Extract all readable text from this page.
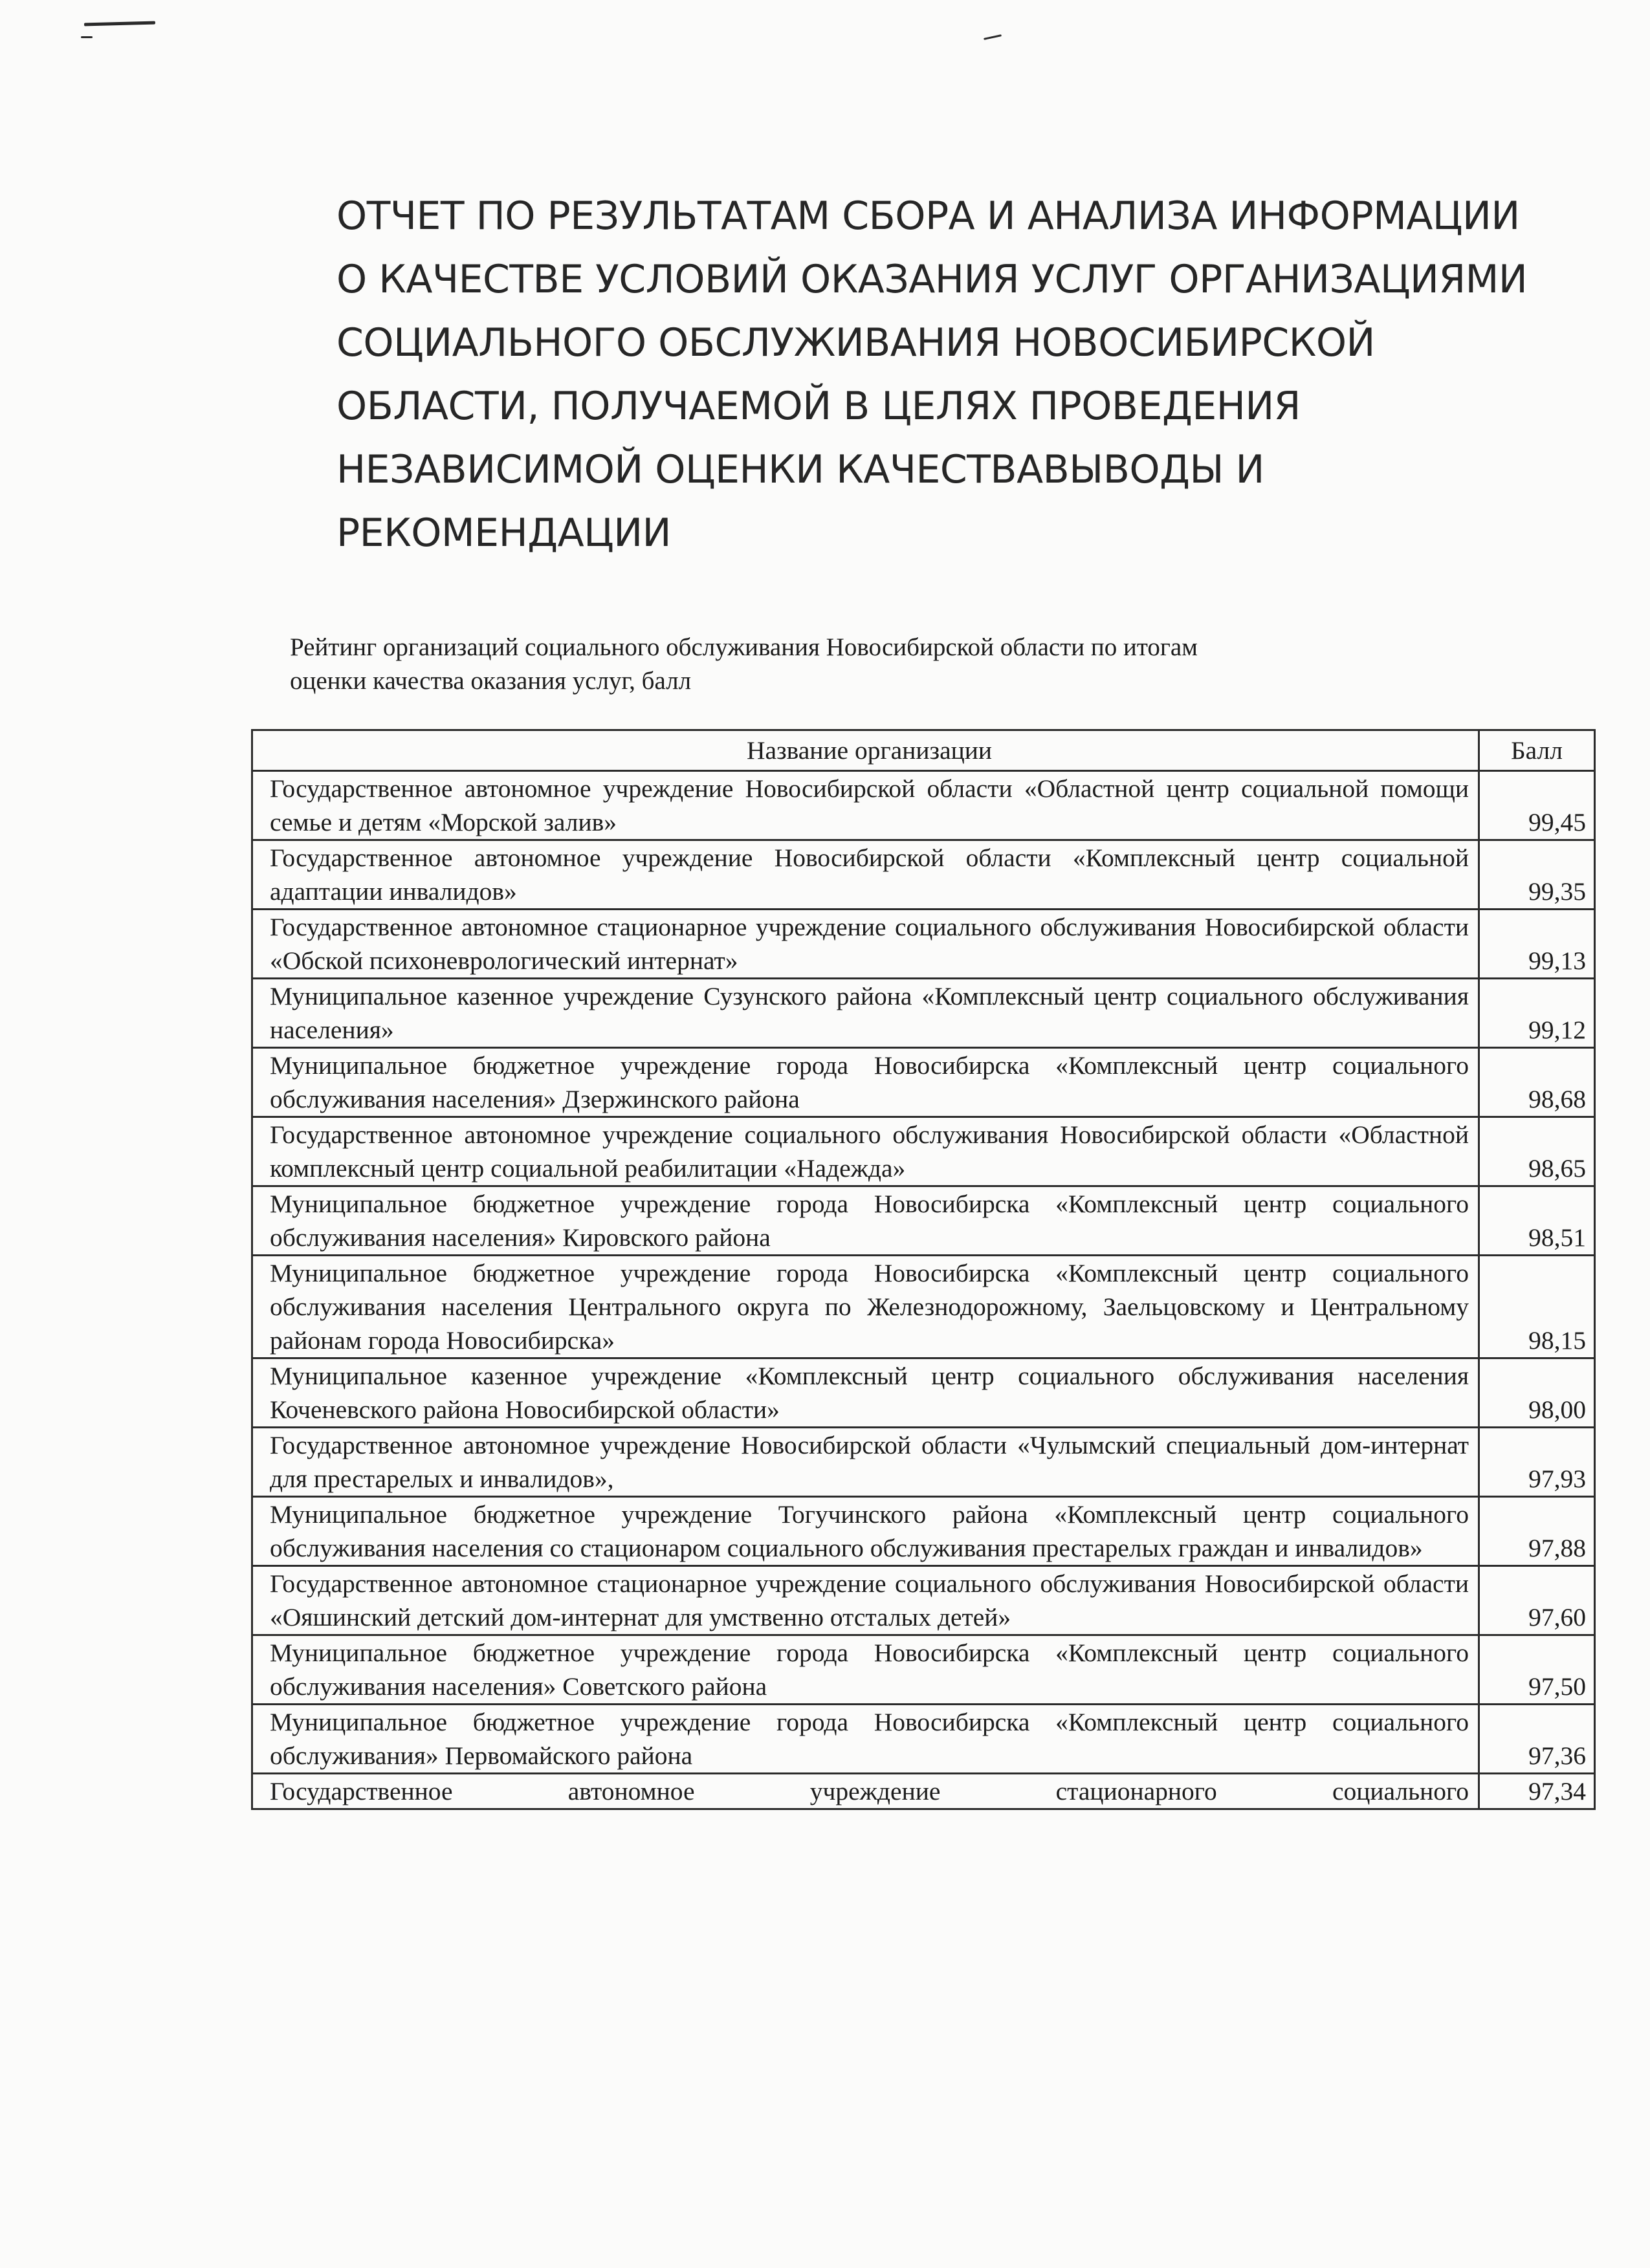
ОТЧЕТ ПО РЕЗУЛЬТАТАМ СБОРА И АНАЛИЗА ИНФОРМАЦИИ
О КАЧЕСТВЕ УСЛОВИЙ ОКАЗАНИЯ УСЛУГ ОРГАНИЗАЦИЯМИ
СОЦИАЛЬНОГО ОБСЛУЖИВАНИЯ НОВОСИБИРСКОЙ
ОБЛАСТИ, ПОЛУЧАЕМОЙ В ЦЕЛЯХ ПРОВЕДЕНИЯ
НЕЗАВИСИМОЙ ОЦЕНКИ КАЧЕСТВАВЫВОДЫ И
РЕКОМЕНДАЦИИ
Рейтинг организаций социального обслуживания Новосибирской области по итогам
оценки качества оказания услуг, балл
Название организации	Балл
Государственное автономное учреждение Новосибирской области «Областной центр социальной помощи семье и детям «Морской залив»	99,45
Государственное автономное учреждение Новосибирской области «Комплексный центр социальной адаптации инвалидов»	99,35
Государственное автономное стационарное учреждение социального обслуживания Новосибирской области «Обской психоневрологический интернат»	99,13
Муниципальное казенное учреждение Сузунского района «Комплексный центр социального обслуживания населения»	99,12
Муниципальное бюджетное учреждение города Новосибирска «Комплексный центр социального обслуживания населения» Дзержинского района	98,68
Государственное автономное учреждение социального обслуживания Новосибирской области «Областной комплексный центр социальной реабилитации «Надежда»	98,65
Муниципальное бюджетное учреждение города Новосибирска «Комплексный центр социального обслуживания населения» Кировского района	98,51
Муниципальное бюджетное учреждение города Новосибирска «Комплексный центр социального обслуживания населения Центрального округа по Железнодорожному, Заельцовскому и Центральному районам города Новосибирска»	98,15
Муниципальное казенное учреждение «Комплексный центр социального обслуживания населения Коченевского района Новосибирской области»	98,00
Государственное автономное учреждение Новосибирской области «Чулымский специальный дом-интернат для престарелых и инвалидов»,	97,93
Муниципальное бюджетное учреждение Тогучинского района «Комплексный центр социального обслуживания населения со стационаром социального обслуживания престарелых граждан и инвалидов»	97,88
Государственное автономное стационарное учреждение социального обслуживания Новосибирской области «Ояшинский детский дом-интернат для умственно отсталых детей»	97,60
Муниципальное бюджетное учреждение города Новосибирска «Комплексный центр социального обслуживания населения» Советского района	97,50
Муниципальное бюджетное учреждение города Новосибирска «Комплексный центр социального обслуживания» Первомайского района	97,36
Государственное автономное учреждение стационарного социального	97,34
